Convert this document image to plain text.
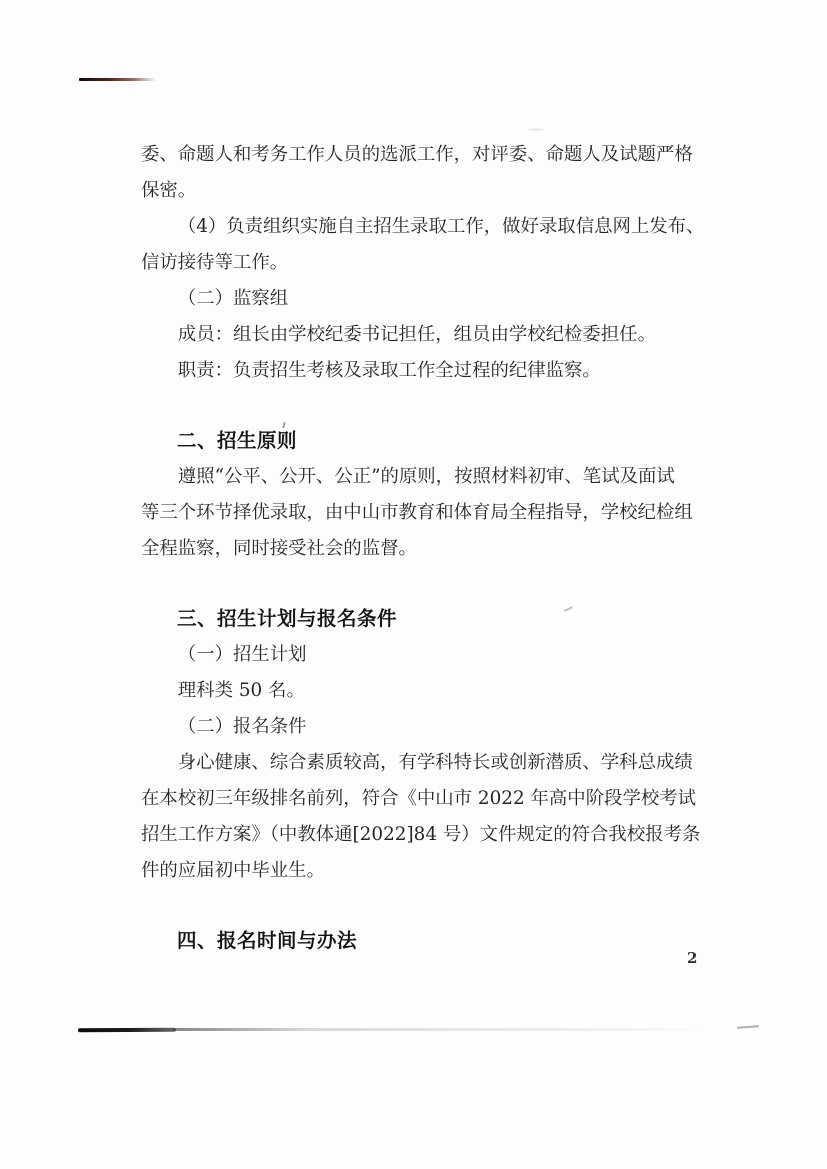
委、命题人和考务工作人员的选派工作，对评委、命题人及试题严格
保密。
（4）负责组织实施自主招生录取工作，做好录取信息网上发布、
信访接待等工作。
（二）监察组
成员：组长由学校纪委书记担任，组员由学校纪检委担任。
职责：负责招生考核及录取工作全过程的纪律监察。
二、招生原则
遵照“公平、公开、公正”的原则，按照材料初审、笔试及面试
等三个环节择优录取，由中山市教育和体育局全程指导，学校纪检组
全程监察，同时接受社会的监督。
三、招生计划与报名条件
（一）招生计划
理科类 50 名。
（二）报名条件
身心健康、综合素质较高，有学科特长或创新潜质、学科总成绩
在本校初三年级排名前列，符合《中山市 2022 年高中阶段学校考试
招生工作方案》（中教体通[2022]84 号）文件规定的符合我校报考条
件的应届初中毕业生。
四、报名时间与办法
2
